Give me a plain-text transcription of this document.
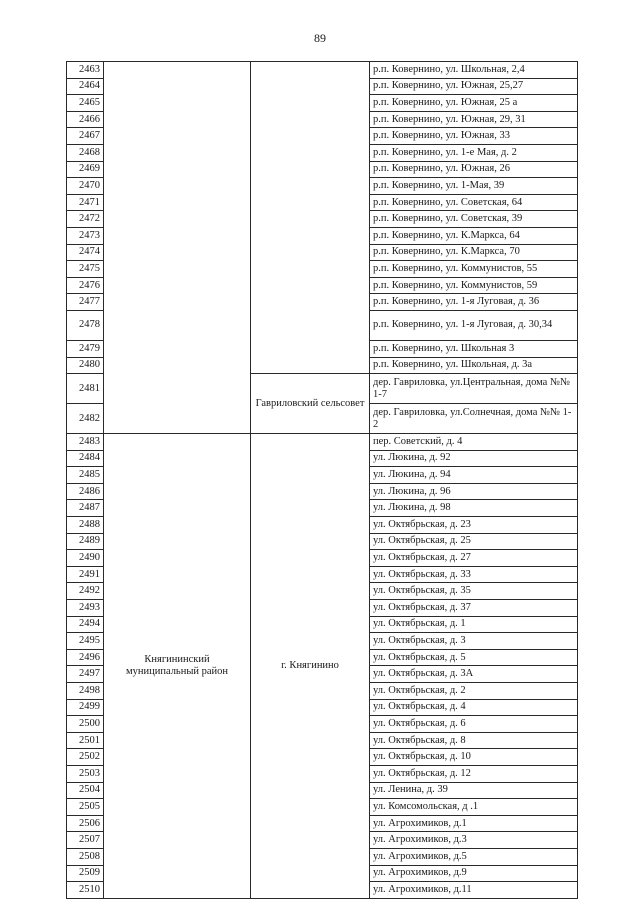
89
2463			р.п. Ковернино, ул. Школьная, 2,4
2464			р.п. Ковернино, ул. Южная, 25,27
2465			р.п. Ковернино, ул. Южная, 25 а
2466			р.п. Ковернино, ул. Южная, 29, 31
2467			р.п. Ковернино, ул. Южная, 33
2468			р.п. Ковернино, ул. 1-е Мая, д. 2
2469			р.п. Ковернино, ул. Южная, 26
2470			р.п. Ковернино, ул. 1-Мая, 39
2471			р.п. Ковернино, ул. Советская, 64
2472			р.п. Ковернино, ул. Советская, 39
2473			р.п. Ковернино, ул. К.Маркса, 64
2474			р.п. Ковернино, ул. К.Маркса, 70
2475			р.п. Ковернино, ул. Коммунистов, 55
2476			р.п. Ковернино, ул. Коммунистов, 59
2477			р.п. Ковернино, ул. 1-я Луговая, д. 36
2478			р.п. Ковернино, ул. 1-я Луговая, д. 30,34
2479			р.п. Ковернино, ул. Школьная 3
2480			р.п. Ковернино, ул. Школьная, д. 3а
2481		Гавриловский сельсовет	дер. Гавриловка, ул.Центральная, дома №№ 1-7
2482			дер. Гавриловка, ул.Солнечная, дома №№ 1-2
2483	Княгининский муниципальный район	г. Княгинино	пер. Советский, д. 4
2484			ул. Люкина, д. 92
2485			ул. Люкина, д. 94
2486			ул. Люкина, д. 96
2487			ул. Люкина, д. 98
2488			ул. Октябрьская, д. 23
2489			ул. Октябрьская, д. 25
2490			ул. Октябрьская, д. 27
2491			ул. Октябрьская, д. 33
2492			ул. Октябрьская, д. 35
2493			ул. Октябрьская, д. 37
2494			ул. Октябрьская, д. 1
2495			ул. Октябрьская, д. 3
2496			ул. Октябрьская, д. 5
2497			ул. Октябрьская, д. 3А
2498			ул. Октябрьская, д. 2
2499			ул. Октябрьская, д. 4
2500			ул. Октябрьская, д. 6
2501			ул. Октябрьская, д. 8
2502			ул. Октябрьская, д. 10
2503			ул. Октябрьская, д. 12
2504			ул. Ленина, д. 39
2505			ул. Комсомольская, д .1
2506			ул. Агрохимиков, д.1
2507			ул. Агрохимиков, д.3
2508			ул. Агрохимиков, д.5
2509			ул. Агрохимиков, д.9
2510			ул. Агрохимиков, д.11
